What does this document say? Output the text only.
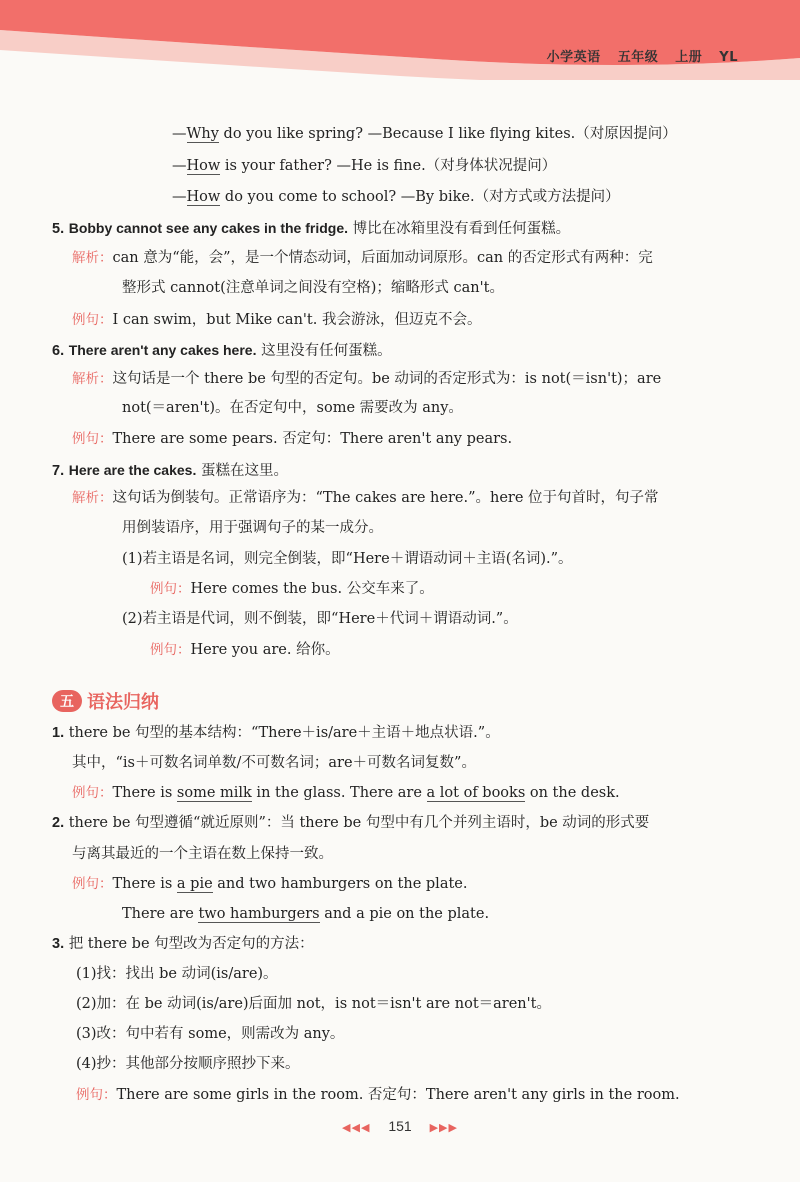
小学英语 五年级 上册 YL
—Why do you like spring? —Because I like flying kites.（对原因提问）
—How is your father? —He is fine.（对身体状况提问）
—How do you come to school? —By bike.（对方式或方法提问）
5. Bobby cannot see any cakes in the fridge. 博比在冰箱里没有看到任何蛋糕。
解析：can 意为“能，会”，是一个情态动词，后面加动词原形。can 的否定形式有两种：完
整形式 cannot(注意单词之间没有空格)；缩略形式 can't。
例句：I can swim，but Mike can't. 我会游泳，但迈克不会。
6. There aren't any cakes here. 这里没有任何蛋糕。
解析：这句话是一个 there be 句型的否定句。be 动词的否定形式为：is not(＝isn't)；are
not(＝aren't)。在否定句中，some 需要改为 any。
例句：There are some pears. 否定句：There aren't any pears.
7. Here are the cakes. 蛋糕在这里。
解析：这句话为倒装句。正常语序为：“The cakes are here.”。here 位于句首时，句子常
用倒装语序，用于强调句子的某一成分。
(1)若主语是名词，则完全倒装，即“Here＋谓语动词＋主语(名词).”。
例句：Here comes the bus. 公交车来了。
(2)若主语是代词，则不倒装，即“Here＋代词＋谓语动词.”。
例句：Here you are. 给你。
五 语法归纳
1. there be 句型的基本结构：“There＋is/are＋主语＋地点状语.”。
其中，“is＋可数名词单数/不可数名词；are＋可数名词复数”。
例句：There is some milk in the glass. There are a lot of books on the desk.
2. there be 句型遵循“就近原则”：当 there be 句型中有几个并列主语时，be 动词的形式要
与离其最近的一个主语在数上保持一致。
例句：There is a pie and two hamburgers on the plate.
There are two hamburgers and a pie on the plate.
3. 把 there be 句型改为否定句的方法：
(1)找：找出 be 动词(is/are)。
(2)加：在 be 动词(is/are)后面加 not，is not＝isn't are not＝aren't。
(3)改：句中若有 some，则需改为 any。
(4)抄：其他部分按顺序照抄下来。
例句：There are some girls in the room. 否定句：There aren't any girls in the room.
◀◀◀ 151 ▶▶▶
